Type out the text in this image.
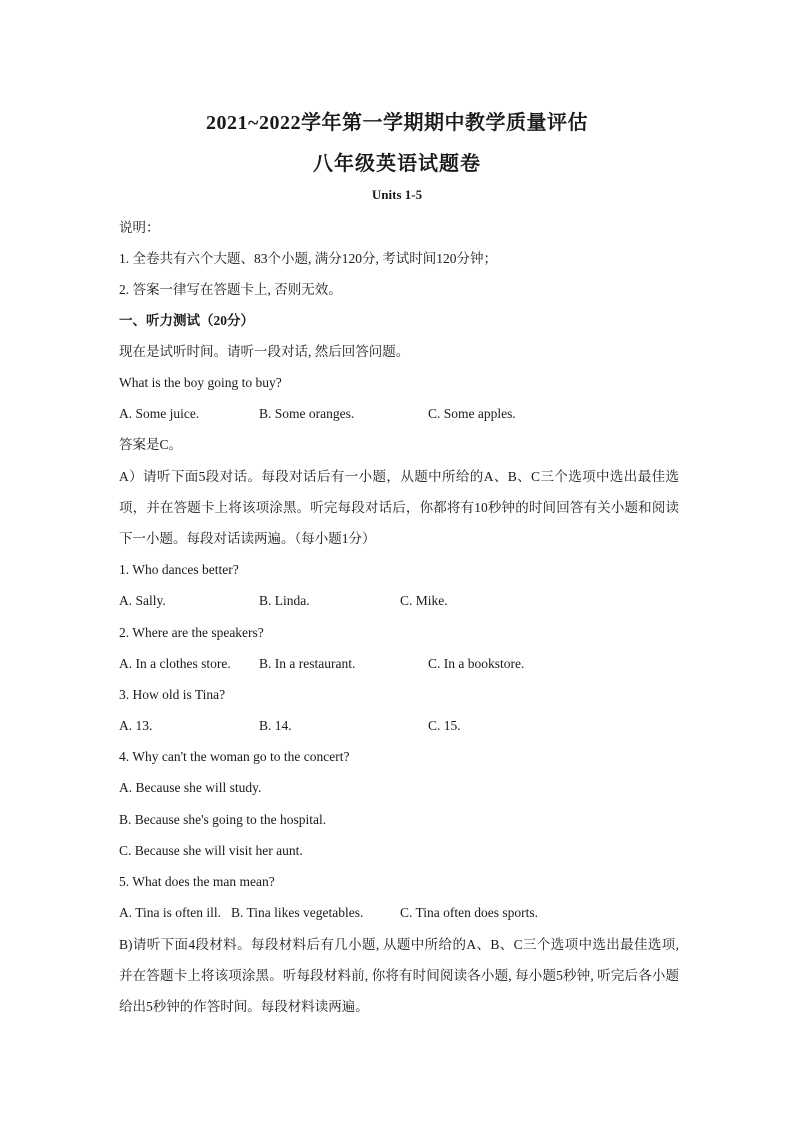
2021~2022学年第一学期期中教学质量评估
八年级英语试题卷
Units 1-5
说明：
1. 全卷共有六个大题、83个小题, 满分120分, 考试时间120分钟；
2. 答案一律写在答题卡上, 否则无效。
一、听力测试（20分）
现在是试听时间。请听一段对话, 然后回答问题。
What is the boy going to buy?
A. Some juice.	B. Some oranges.	C. Some apples.
答案是C。
A）请听下面5段对话。每段对话后有一小题，从题中所给的A、B、C三个选项中选出最佳选项，并在答题卡上将该项涂黑。听完每段对话后，你都将有10秒钟的时间回答有关小题和阅读下一小题。每段对话读两遍。（每小题1分）
1. Who dances better?
A. Sally.	B. Linda.	C. Mike.
2. Where are the speakers?
A. In a clothes store. B. In a restaurant.	C. In a bookstore.
3. How old is Tina?
A. 13.	B. 14.	C. 15.
4. Why can't the woman go to the concert?
A. Because she will study.
B. Because she's going to the hospital.
C. Because she will visit her aunt.
5. What does the man mean?
A. Tina is often ill. B. Tina likes vegetables.	C. Tina often does sports.
B)请听下面4段材料。每段材料后有几小题, 从题中所给的A、B、C三个选项中选出最佳选项, 并在答题卡上将该项涂黑。听每段材料前, 你将有时间阅读各小题, 每小题5秒钟, 听完后各小题给出5秒钟的作答时间。每段材料读两遍。
